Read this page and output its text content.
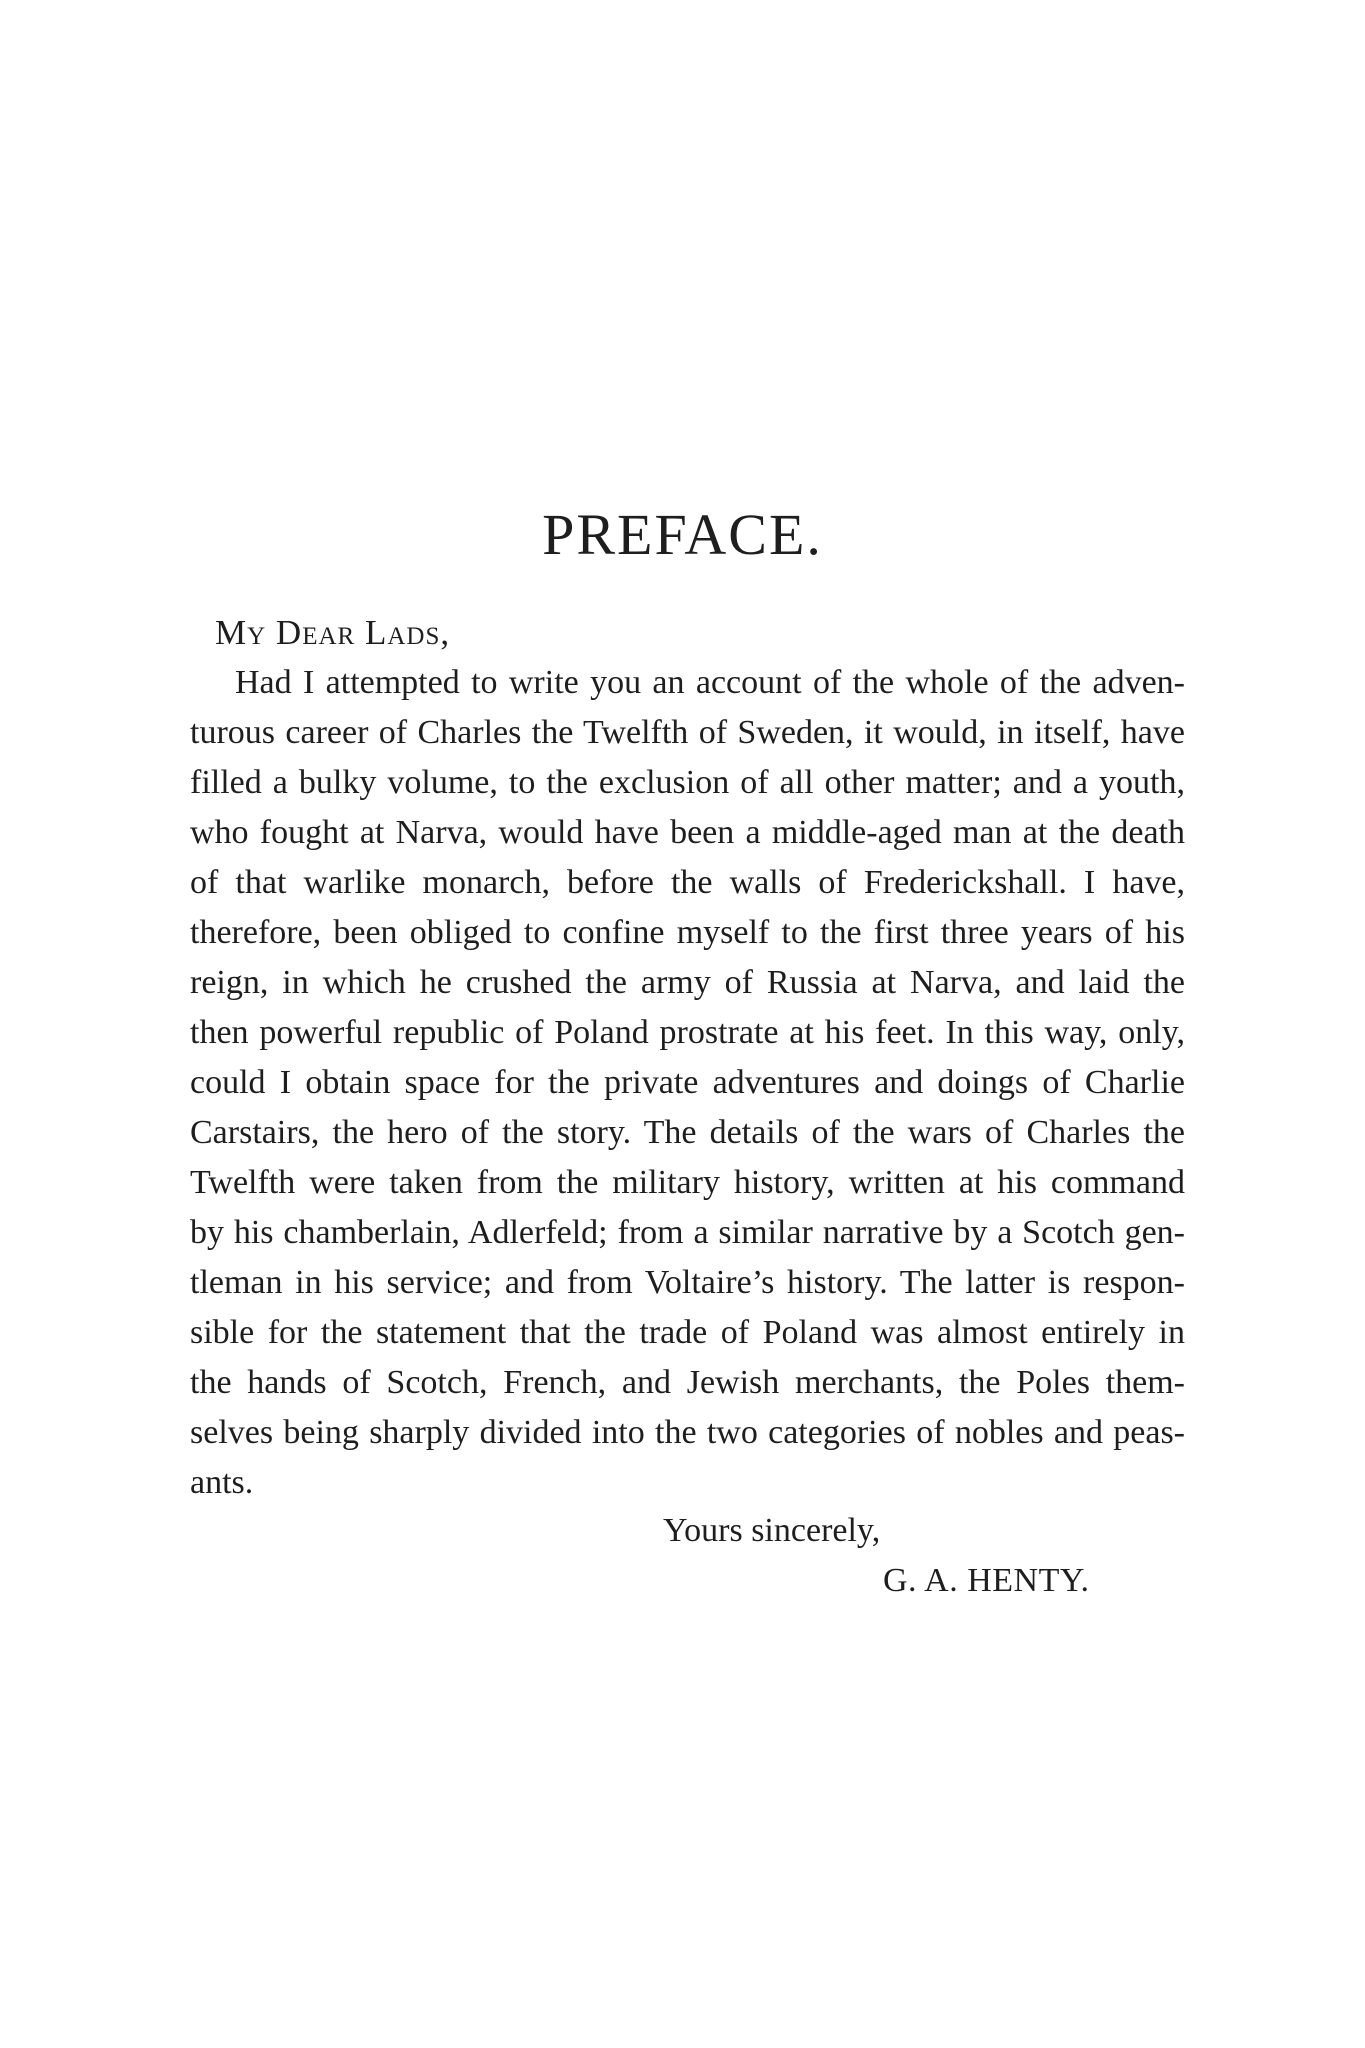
PREFACE.
My Dear Lads,
Had I attempted to write you an account of the whole of the adven-
turous career of Charles the Twelfth of Sweden, it would, in itself, have
filled a bulky volume, to the exclusion of all other matter; and a youth,
who fought at Narva, would have been a middle-aged man at the death
of that warlike monarch, before the walls of Frederickshall. I have,
therefore, been obliged to confine myself to the first three years of his
reign, in which he crushed the army of Russia at Narva, and laid the
then powerful republic of Poland prostrate at his feet. In this way, only,
could I obtain space for the private adventures and doings of Charlie
Carstairs, the hero of the story. The details of the wars of Charles the
Twelfth were taken from the military history, written at his command
by his chamberlain, Adlerfeld; from a similar narrative by a Scotch gen-
tleman in his service; and from Voltaire’s history. The latter is respon-
sible for the statement that the trade of Poland was almost entirely in
the hands of Scotch, French, and Jewish merchants, the Poles them-
selves being sharply divided into the two categories of nobles and peas-
ants.
Yours sincerely,
G. A. HENTY.
